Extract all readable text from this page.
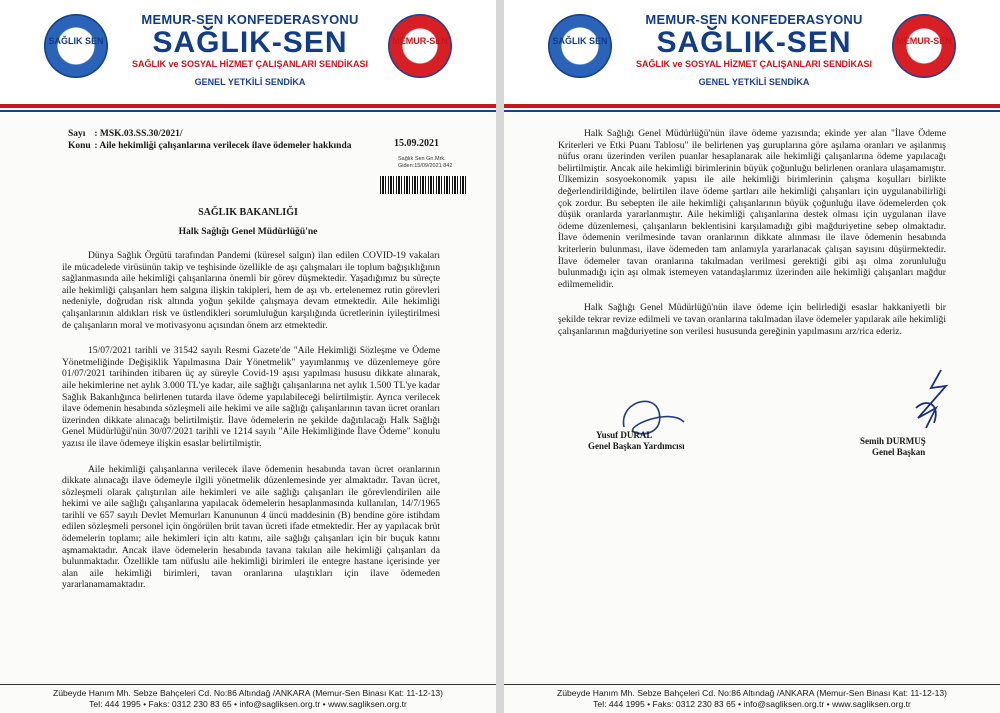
SAĞLIK SEN
MEMUR-SEN KONFEDERASYONU
SAĞLIK-SEN
SAĞLIK ve SOSYAL HİZMET ÇALIŞANLARI SENDİKASI
GENEL YETKİLİ SENDİKA
MEMUR-SEN
Sayı : MSK.03.SS.30/2021/
Konu : Aile hekimliği çalışanlarına verilecek ilave ödemeler hakkında	15.09.2021
Sağlık Sen Gn.Mrk.
Giden:15/09/2021 842
SAĞLIK BAKANLIĞI
Halk Sağlığı Genel Müdürlüğü'ne

Dünya Sağlık Örgütü tarafından Pandemi (küresel salgın) ilan edilen COVID-19 vakaları ile mücadelede virüsünün takip ve teşhisinde özellikle de aşı çalışmaları ile toplum bağışıklığının sağlanmasında aile hekimliği çalışanlarına önemli bir görev düşmektedir. Yaşadığımız bu süreçte aile hekimliği çalışanları hem salgına ilişkin takipleri, hem de aşı vb. ertelenemez rutin görevleri nedeniyle, doğrudan risk altında yoğun şekilde çalışmaya devam etmektedir. Aile hekimliği çalışanlarının aldıkları risk ve üstlendikleri sorumluluğun karşılığında ücretlerinin iyileştirilmesi de çalışanların moral ve motivasyonu açısından önem arz etmektedir.

15/07/2021 tarihli ve 31542 sayılı Resmi Gazete'de "Aile Hekimliği Sözleşme ve Ödeme Yönetmeliğinde Değişiklik Yapılmasına Dair Yönetmelik" yayımlanmış ve düzenlemeye göre 01/07/2021 tarihinden itibaren üç ay süreyle Covid-19 aşısı yapılması hususu dikkate alınarak, aile hekimlerine net aylık 3.000 TL'ye kadar, aile sağlığı çalışanlarına net aylık 1.500 TL'ye kadar Sağlık Bakanlığınca belirlenen tutarda ilave ödeme yapılabileceği belirtilmiştir. Ayrıca verilecek ilave ödemenin hesabında sözleşmeli aile hekimi ve aile sağlığı çalışanlarının tavan ücret oranları üzerinden dikkate alınacağı belirtilmiştir. İlave ödemelerin ne şekilde dağıtılacağı Halk Sağlığı Genel Müdürlüğü'nün 30/07/2021 tarihli ve 1214 sayılı "Aile Hekimliğinde İlave Ödeme" konulu yazısı ile ilave ödemeye ilişkin esaslar belirtilmiştir.

Aile hekimliği çalışanlarına verilecek ilave ödemenin hesabında tavan ücret oranlarının dikkate alınacağı ilave ödemeyle ilgili yönetmelik düzenlemesinde yer almaktadır. Tavan ücret, sözleşmeli olarak çalıştırılan aile hekimleri ve aile sağlığı çalışanları ile görevlendirilen aile hekimi ve aile sağlığı çalışanlarına yapılacak ödemelerin hesaplanmasında kullanılan, 14/7/1965 tarihli ve 657 sayılı Devlet Memurları Kanununun 4 üncü maddesinin (B) bendine göre istihdam edilen sözleşmeli personel için öngörülen brüt tavan ücreti ifade etmektedir. Her ay yapılacak brüt ödemelerin toplamı; aile hekimleri için altı katını, aile sağlığı çalışanları için bir buçuk katını aşmamaktadır. Ancak ilave ödemelerin hesabında tavana takılan aile hekimliği çalışanları da bulunmaktadır. Özellikle tam nüfuslu aile hekimliği birimleri ile entegre hastane içerisinde yer alan aile hekimliği birimleri, tavan oranlarına ulaştıkları için ilave ödemeden yararlanamamaktadır.

Zübeyde Hanım Mh. Sebze Bahçeleri Cd. No:86 Altındağ /ANKARA (Memur-Sen Binası Kat: 11-12-13)
Tel: 444 1995 • Faks: 0312 230 83 65 • info@sagliksen.org.tr • www.sagliksen.org.tr
SAĞLIK SEN
MEMUR-SEN KONFEDERASYONU
SAĞLIK-SEN
SAĞLIK ve SOSYAL HİZMET ÇALIŞANLARI SENDİKASI
GENEL YETKİLİ SENDİKA
MEMUR-SEN

Halk Sağlığı Genel Müdürlüğü'nün ilave ödeme yazısında; ekinde yer alan "İlave Ödeme Kriterleri ve Etki Puanı Tablosu" ile belirlenen yaş guruplarına göre aşılama oranları ve aşılanmış nüfus oranı üzerinden verilen puanlar hesaplanarak aile hekimliği çalışanlarına ödeme yapılacağı belirtilmiştir. Ancak aile hekimliği birimlerinin büyük çoğunluğu belirlenen oranlara ulaşamamıştır. Ülkemizin sosyoekonomik yapısı ile aile hekimliği birimlerinin çalışma koşulları birlikte değerlendirildiğinde, belirtilen ilave ödeme şartları aile hekimliği çalışanları için uygulanabilirliği çok zordur. Bu sebepten ile aile hekimliği çalışanlarının büyük çoğunluğu ilave ödemelerden çok düşük oranlarda yararlanmıştır. Aile hekimliği çalışanlarına destek olması için uygulanan ilave ödeme düzenlemesi, çalışanların beklentisini karşılamadığı gibi mağduriyetine sebep olmaktadır. İlave ödemenin verilmesinde tavan oranlarının dikkate alınması ile ilave ödemenin hesabında kriterlerin bulunması, ilave ödemeden tam anlamıyla yararlanacak çalışan sayısını düşürmektedir. İlave ödemeler tavan oranlarına takılmadan verilmesi gerektiği gibi aşı olma zorunluluğu bulunmadığı için aşı olmak istemeyen vatandaşlarımız üzerinden aile hekimliği çalışanları mağdur edilmemelidir.

Halk Sağlığı Genel Müdürlüğü'nün ilave ödeme için belirlediği esaslar hakkaniyetli bir şekilde tekrar revize edilmeli ve tavan oranlarına takılmadan ilave ödemeler yapılarak aile hekimliği çalışanlarının mağduriyetine son verilesi hususunda gereğinin yapılmasını arz/rica ederiz.

Yusuf DURAL
Genel Başkan Yardımcısı	Semih DURMUŞ
Genel Başkan
Zübeyde Hanım Mh. Sebze Bahçeleri Cd. No:86 Altındağ /ANKARA (Memur-Sen Binası Kat: 11-12-13)
Tel: 444 1995 • Faks: 0312 230 83 65 • info@sagliksen.org.tr • www.sagliksen.org.tr
